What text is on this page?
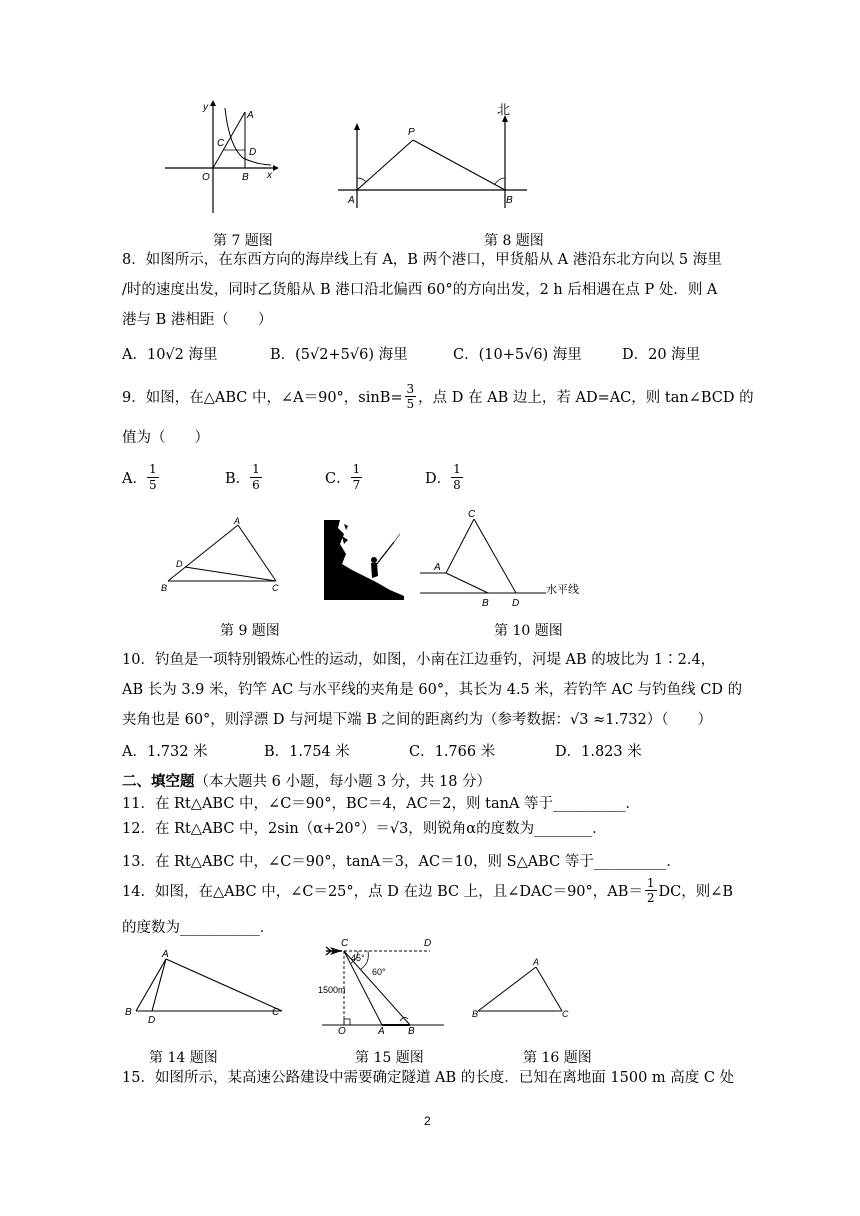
y
x
O
A
B
C
D
P
A	B
北
第 7 题图	第 8 题图
8．如图所示，在东西方向的海岸线上有 A，B 两个港口，甲货船从 A 港沿东北方向以 5 海里
/时的速度出发，同时乙货船从 B 港口沿北偏西 60°的方向出发，2 h 后相遇在点 P 处．则 A
港与 B 港相距（　　）
A．10√2 海里	B．(5√2+5√6) 海里	C．(10+5√6) 海里	D．20 海里
9．如图，在△ABC 中，∠A＝90°，$\sin B= \frac{3}{5}$ ，点 D 在 AB 边上，若 AD=AC，则 tan∠BCD 的
值为（　　）
A． $\frac{1}{5}$	B． $\frac{1}{6}$	C． $\frac{1}{7}$	D． $\frac{1}{8}$
A
B	C
D
C
A
B D
水平线
第 9 题图	第 10 题图
10．钓鱼是一项特别锻炼心性的运动，如图，小南在江边垂钓，河堤 AB 的坡比为 1∶2.4，
AB 长为 3.9 米，钓竿 AC 与水平线的夹角是 60°，其长为 4.5 米，若钓竿 AC 与钓鱼线 CD 的
夹角也是 60°，则浮漂 D 与河堤下端 B 之间的距离约为（参考数据：√3 ≈1.732）（　　）
A．1.732 米	B．1.754 米	C．1.766 米	D．1.823 米
二、填空题（本大题共 6 小题，每小题 3 分，共 18 分）
11．在 Rt△ABC 中，∠C＝90°，BC＝4，AC＝2，则 tanA 等于__________．
12．在 Rt△ABC 中，2sin（α+20°）＝√3，则锐角α的度数为________．
13．在 Rt△ABC 中，∠C＝90°，tanA＝3，AC＝10，则 S△ABC 等于__________．
14．如图，在△ABC 中，∠C＝25°，点 D 在边 BC 上，且∠DAC＝90°，$AB= \frac{1}{2}$ DC，则∠B
的度数为___________．
A
B	C
D
C	D
45°
60°
1500m
O	A B
A
B	C
第 14 题图	第 15 题图	第 16 题图
15．如图所示，某高速公路建设中需要确定隧道 AB 的长度．已知在离地面 1500 m 高度 C 处
2
